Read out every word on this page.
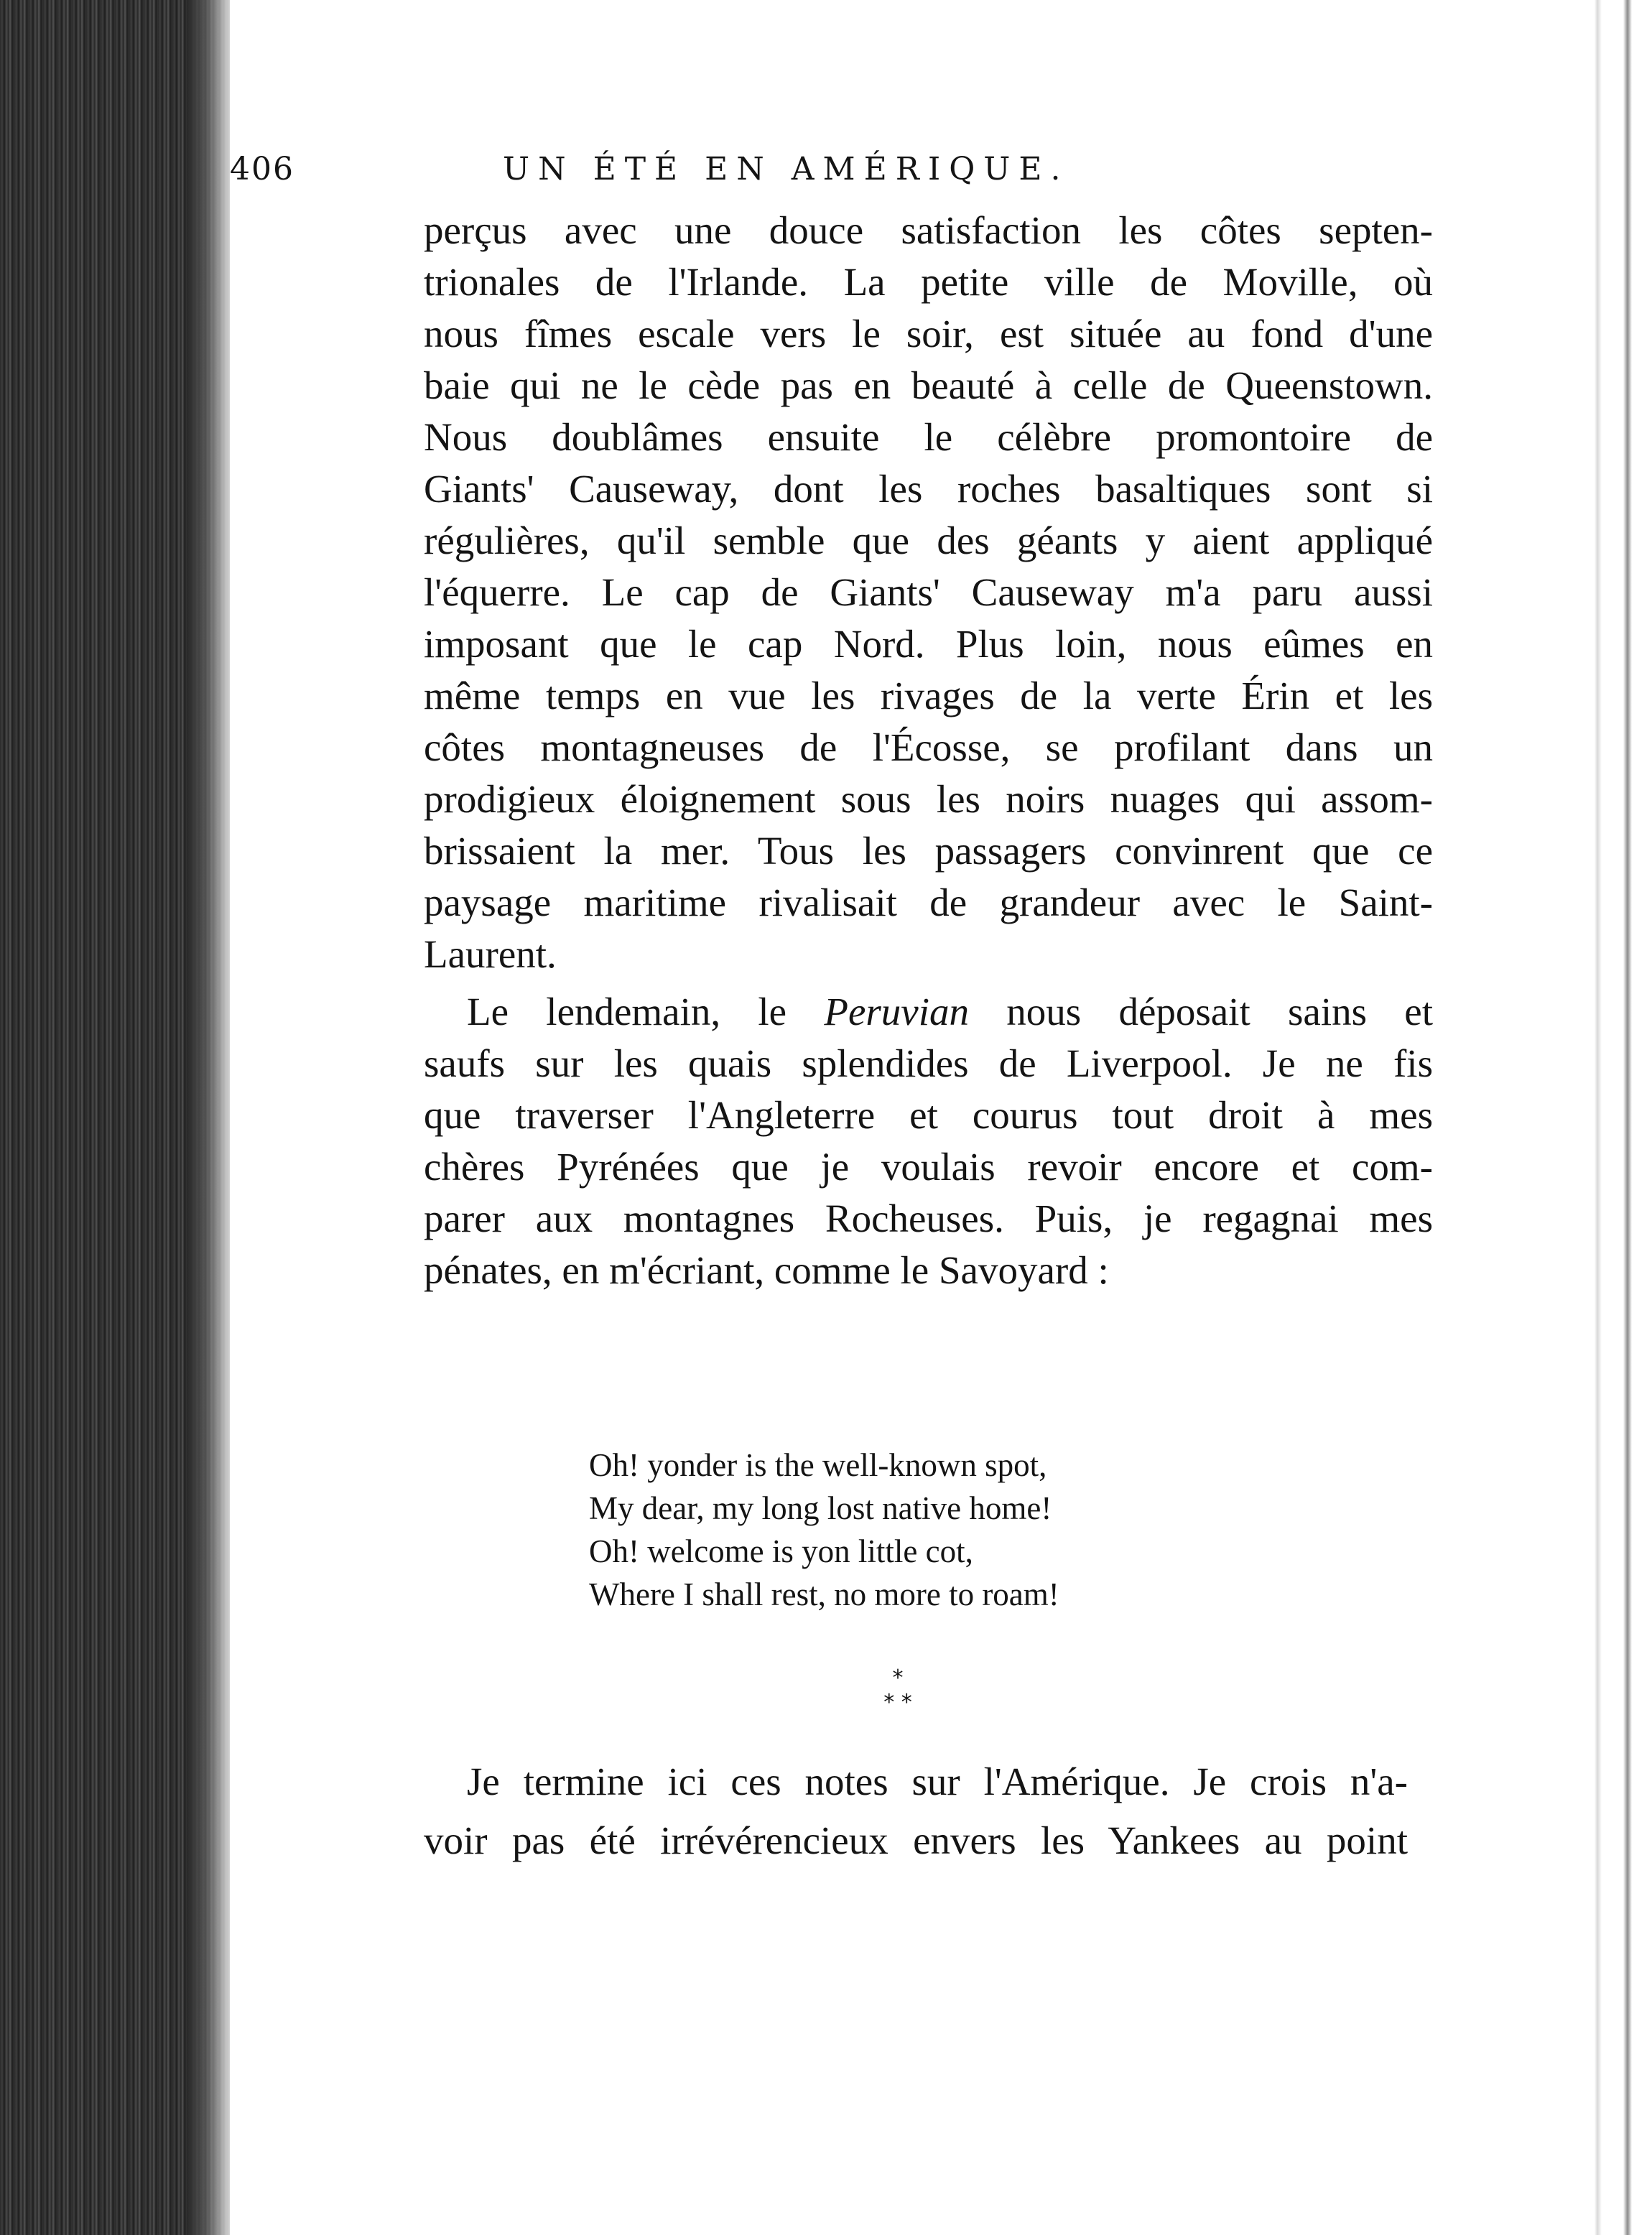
406	UN ÉTÉ EN AMÉRIQUE.
perçus avec une douce satisfaction les côtes septen-
trionales de l'Irlande. La petite ville de Moville, où
nous fîmes escale vers le soir, est située au fond d'une
baie qui ne le cède pas en beauté à celle de Queenstown.
Nous doublâmes ensuite le célèbre promontoire de
Giants' Causeway, dont les roches basaltiques sont si
régulières, qu'il semble que des géants y aient appliqué
l'équerre. Le cap de Giants' Causeway m'a paru aussi
imposant que le cap Nord. Plus loin, nous eûmes en
même temps en vue les rivages de la verte Érin et les
côtes montagneuses de l'Écosse, se profilant dans un
prodigieux éloignement sous les noirs nuages qui assom-
brissaient la mer. Tous les passagers convinrent que ce
paysage maritime rivalisait de grandeur avec le Saint-
Laurent.
Le lendemain, le Peruvian nous déposait sains et
saufs sur les quais splendides de Liverpool. Je ne fis
que traverser l'Angleterre et courus tout droit à mes
chères Pyrénées que je voulais revoir encore et com-
parer aux montagnes Rocheuses. Puis, je regagnai mes
pénates, en m'écriant, comme le Savoyard :
Oh! yonder is the well-known spot,
My dear, my long lost native home!
Oh! welcome is yon little cot,
Where I shall rest, no more to roam!
*
* *
Je termine ici ces notes sur l'Amérique. Je crois n'a-
voir pas été irrévérencieux envers les Yankees au point
